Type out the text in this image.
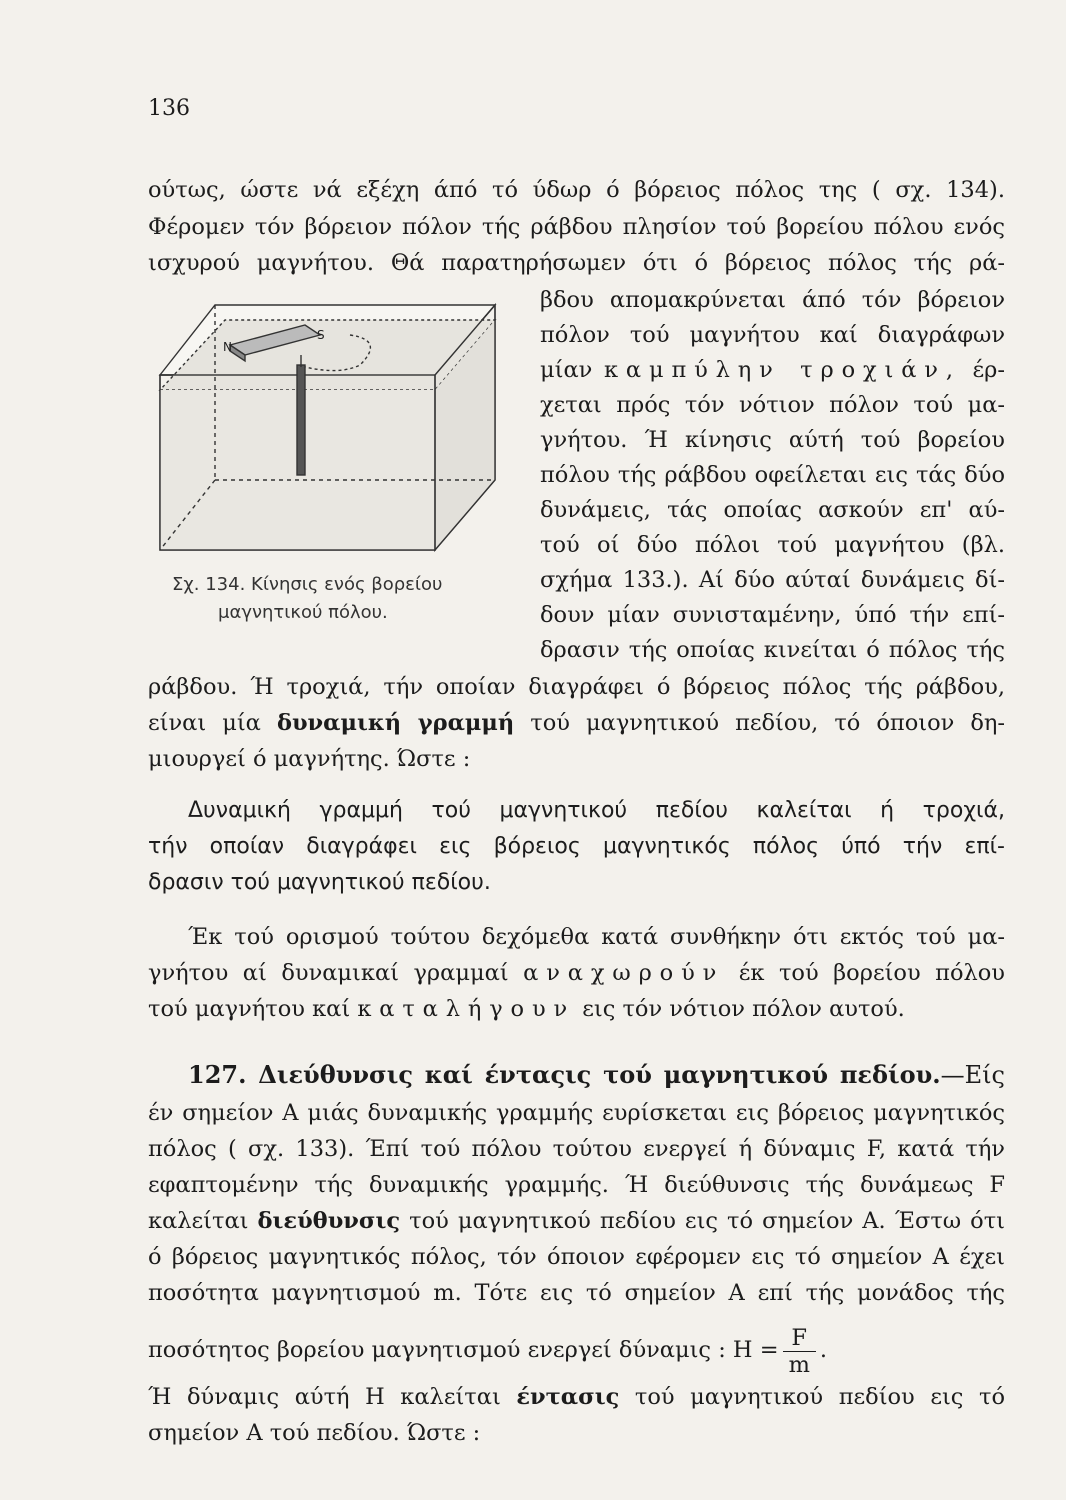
136
ούτως, ώστε νά εξέχη άπό τό ύδωρ ό βόρειος πόλος της ( σχ. 134).
Φέρομεν τόν βόρειον πόλον τής ράβδου πλησίον τού βορείου πόλου ενός
ισχυρού μαγνήτου. Θά παρατηρήσωμεν ότι ό βόρειος πόλος τής ρά-
βδου απομακρύνεται άπό τόν βόρειον
πόλον τού μαγνήτου καί διαγράφων
μίαν καμπύλην τροχιάν, έρ-
χεται πρός τόν νότιον πόλον τού μα-
γνήτου. Ή κίνησις αύτή τού βορείου
πόλου τής ράβδου οφείλεται εις τάς δύο
δυνάμεις, τάς οποίας ασκούν επ' αύ-
τού οί δύο πόλοι τού μαγνήτου (βλ.
σχήμα 133.). Αί δύο αύταί δυνάμεις δί-
δουν μίαν συνισταμένην, ύπό τήν επί-
δρασιν τής οποίας κινείται ό πόλος τής
N
S
Σχ. 134. Κίνησις ενός βορείου
μαγνητικού πόλου.
ράβδου. Ή τροχιά, τήν οποίαν διαγράφει ό βόρειος πόλος τής ράβδου,
είναι μία δυναμική γραμμή τού μαγνητικού πεδίου, τό όποιον δη-
μιουργεί ό μαγνήτης. Ώστε :
Δυναμική γραμμή τού μαγνητικού πεδίου καλείται ή τροχιά,
τήν οποίαν διαγράφει εις βόρειος μαγνητικός πόλος ύπό τήν επί-
δρασιν τού μαγνητικού πεδίου.
Έκ τού ορισμού τούτου δεχόμεθα κατά συνθήκην ότι εκτός τού μα-
γνήτου αί δυναμικαί γραμμαί αναχωρούν έκ τού βορείου πόλου
τού μαγνήτου καί καταλήγουν εις τόν νότιον πόλον αυτού.
127. Διεύθυνσις καί ένταςις τού μαγνητικού πεδίου.—Είς
έν σημείον Α μιάς δυναμικής γραμμής ευρίσκεται εις βόρειος μαγνητικός
πόλος ( σχ. 133). Έπί τού πόλου τούτου ενεργεί ή δύναμις F, κατά τήν
εφαπτομένην τής δυναμικής γραμμής. Ή διεύθυνσις τής δυνάμεως F
καλείται διεύθυνσις τού μαγνητικού πεδίου εις τό σημείον Α. Έστω ότι
ό βόρειος μαγνητικός πόλος, τόν όποιον εφέρομεν εις τό σημείον Α έχει
ποσότητα μαγνητισμού m. Τότε εις τό σημείον Α επί τής μονάδος τής
ποσότητος βορείου μαγνητισμού ενεργεί δύναμις : $H = \frac{F}{m}$ .
Ή δύναμις αύτή Η καλείται έντασις τού μαγνητικού πεδίου εις τό
σημείον Α τού πεδίου. Ώστε :
